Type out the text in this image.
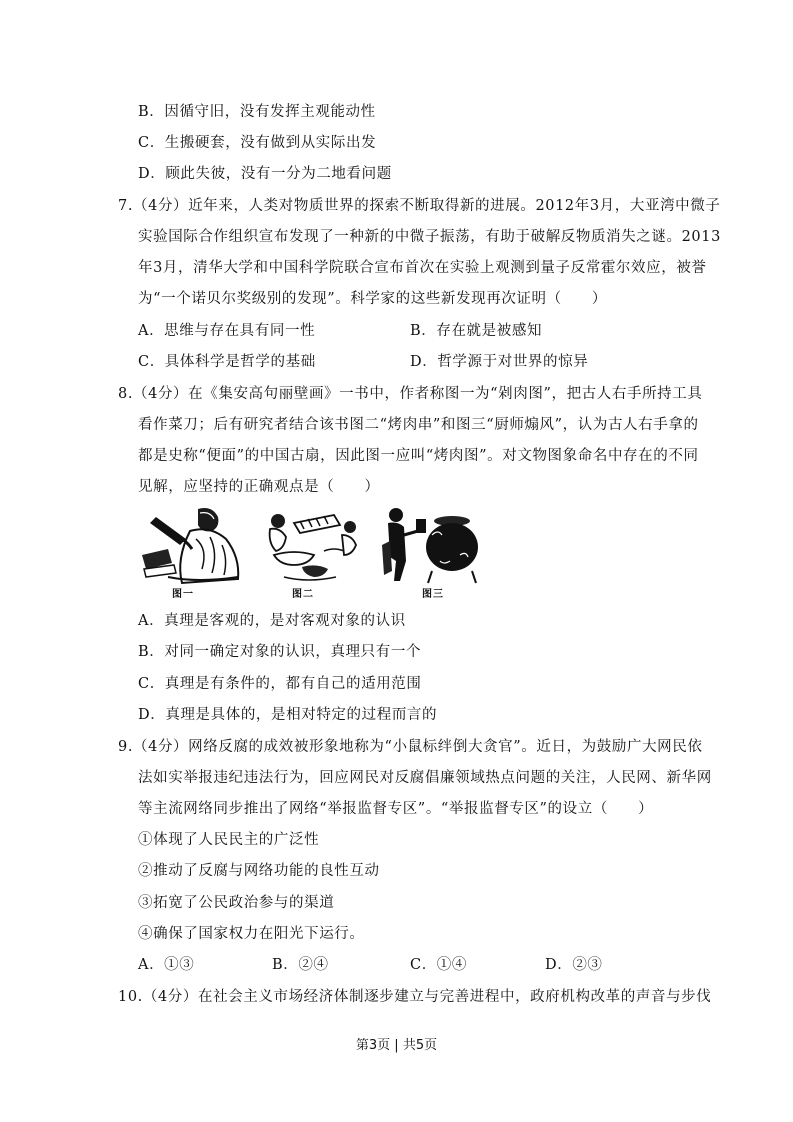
B．因循守旧，没有发挥主观能动性
C．生搬硬套，没有做到从实际出发
D．顾此失彼，没有一分为二地看问题
7.（4分）近年来，人类对物质世界的探索不断取得新的进展。2012年3月，大亚湾中微子
实验国际合作组织宣布发现了一种新的中微子振荡，有助于破解反物质消失之谜。2013
年3月，清华大学和中国科学院联合宣布首次在实验上观测到量子反常霍尔效应，被誉
为“一个诺贝尔奖级别的发现”。科学家的这些新发现再次证明（　　）
A．思维与存在具有同一性	B．存在就是被感知
C．具体科学是哲学的基础	D．哲学源于对世界的惊异
8.（4分）在《集安高句丽壁画》一书中，作者称图一为“剁肉图”，把古人右手所持工具
看作菜刀；后有研究者结合该书图二“烤肉串”和图三“厨师煽风”，认为古人右手拿的
都是史称“便面”的中国古扇，因此图一应叫“烤肉图”。对文物图象命名中存在的不同
见解，应坚持的正确观点是（　　）
图一	图二	图三
A．真理是客观的，是对客观对象的认识
B．对同一确定对象的认识，真理只有一个
C．真理是有条件的，都有自己的适用范围
D．真理是具体的，是相对特定的过程而言的
9.（4分）网络反腐的成效被形象地称为“小鼠标绊倒大贪官”。近日，为鼓励广大网民依
法如实举报违纪违法行为，回应网民对反腐倡廉领域热点问题的关注，人民网、新华网
等主流网络同步推出了网络“举报监督专区”。“举报监督专区”的设立（　　）
①体现了人民民主的广泛性
②推动了反腐与网络功能的良性互动
③拓宽了公民政治参与的渠道
④确保了国家权力在阳光下运行。
A．①③	B．②④	C．①④	D．②③
10.（4分）在社会主义市场经济体制逐步建立与完善进程中，政府机构改革的声音与步伐
第3页 | 共5页
